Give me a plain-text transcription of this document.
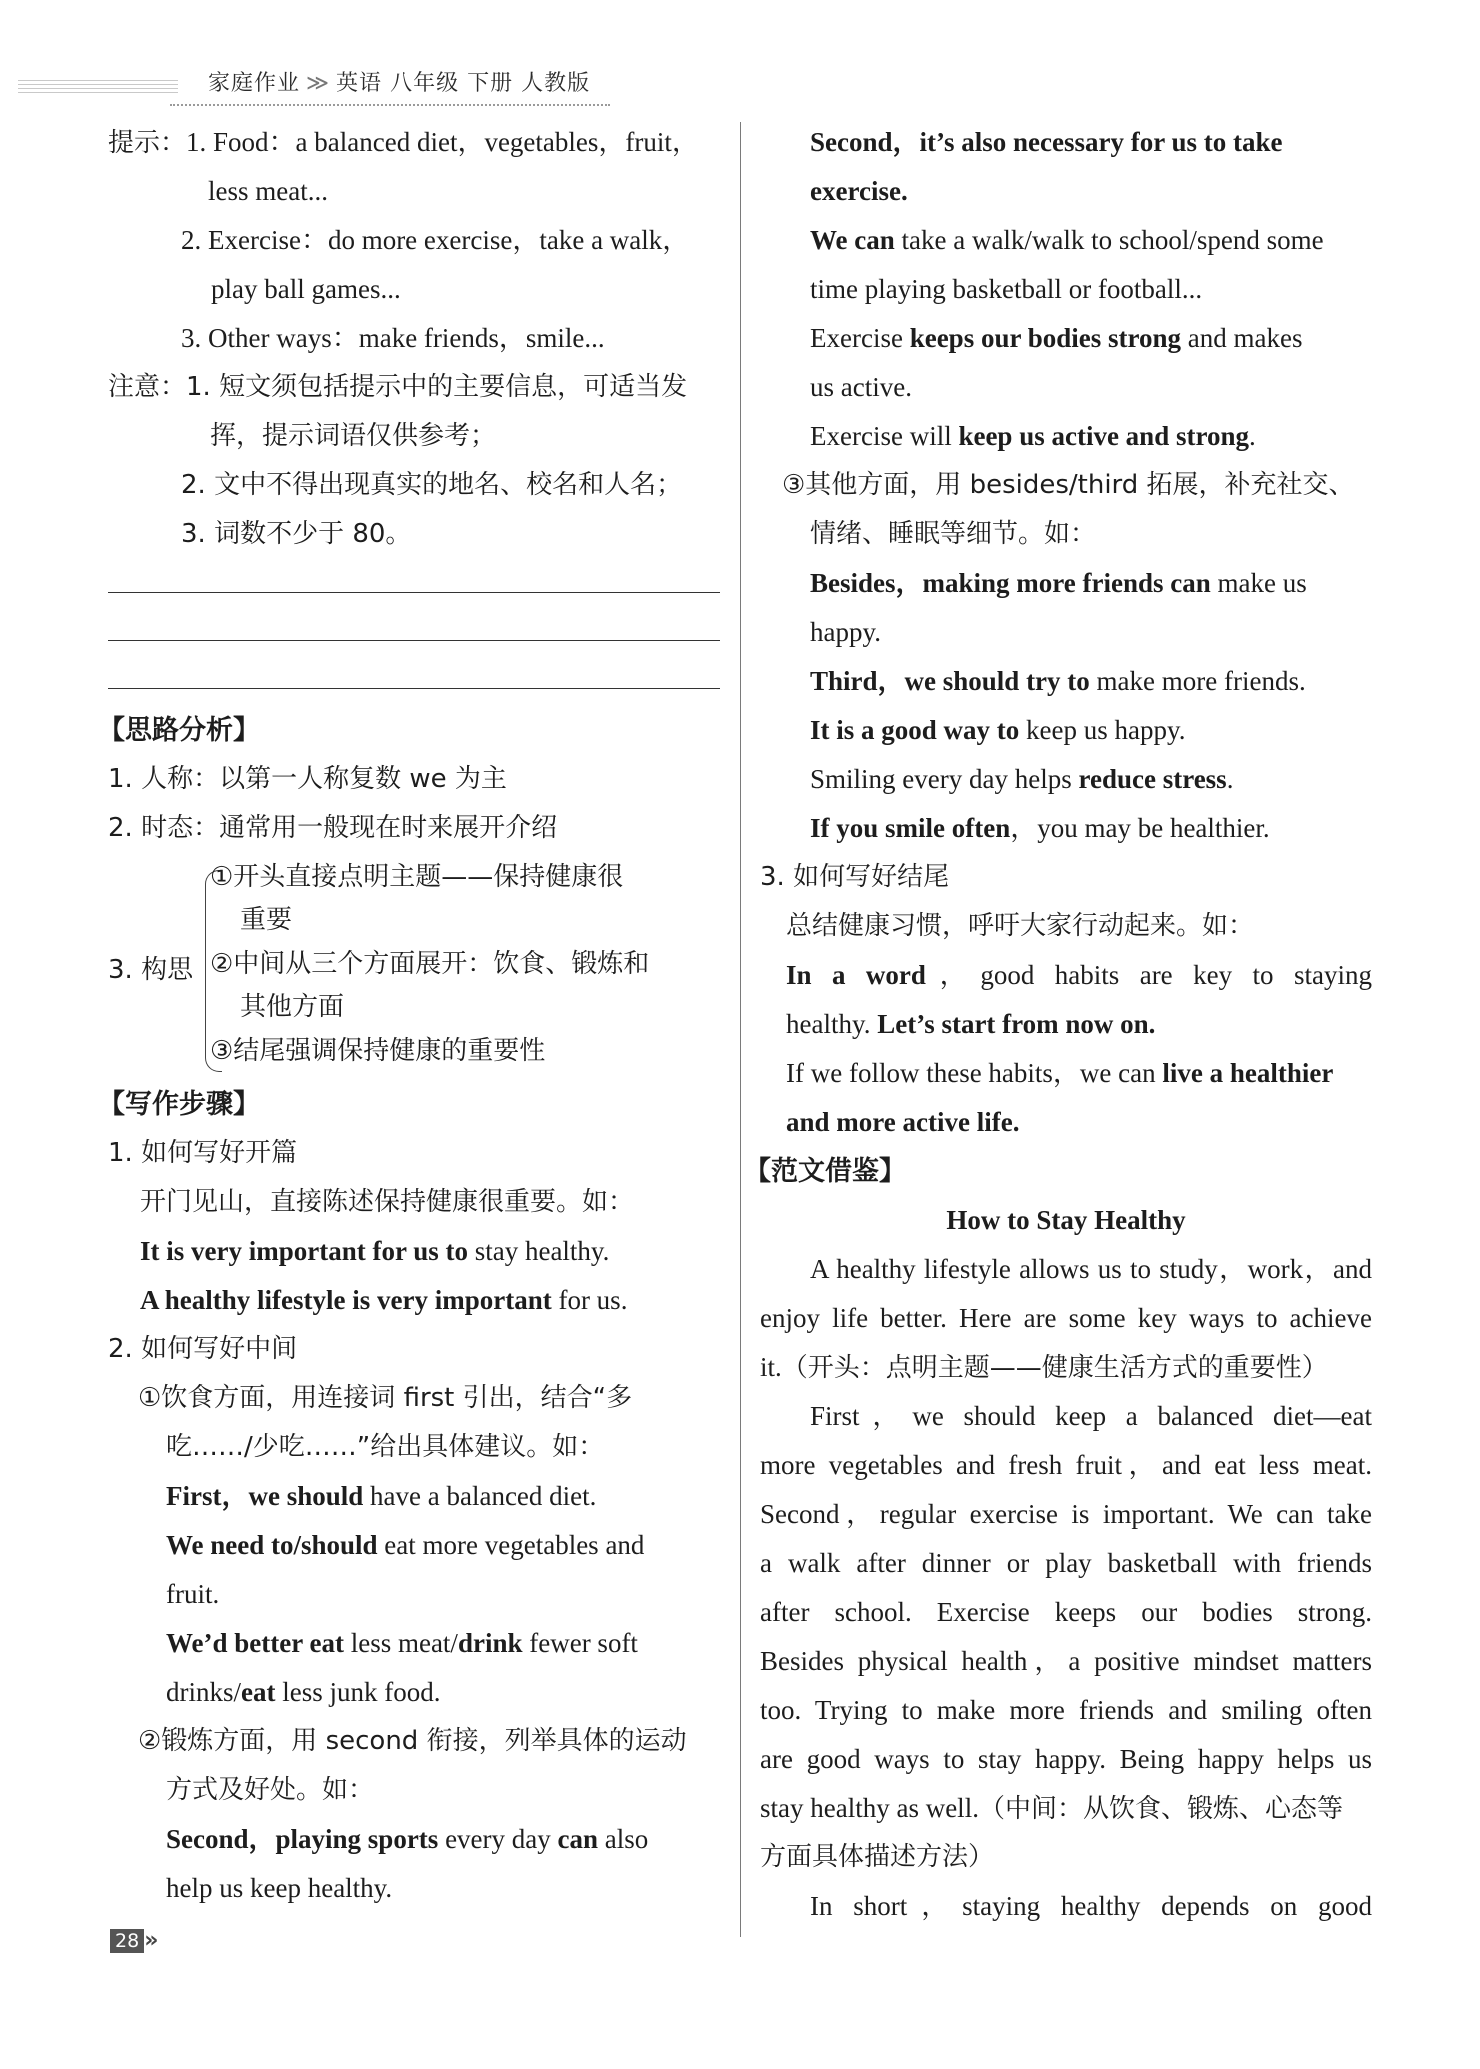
家庭作业 ≫ 英语 八年级 下册 人教版
提示：1. Food：a balanced diet，vegetables，fruit，
less meat...
2. Exercise：do more exercise，take a walk，
play ball games...
3. Other ways：make friends，smile...
注意：1. 短文须包括提示中的主要信息，可适当发
挥，提示词语仅供参考；
2. 文中不得出现真实的地名、校名和人名；
3. 词数不少于 80。
【思路分析】
1. 人称：以第一人称复数 we 为主
2. 时态：通常用一般现在时来展开介绍
3. 构思
①开头直接点明主题——保持健康很
重要
②中间从三个方面展开：饮食、锻炼和
其他方面
③结尾强调保持健康的重要性
【写作步骤】
1. 如何写好开篇
开门见山，直接陈述保持健康很重要。如：
It is very important for us to stay healthy.
A healthy lifestyle is very important for us.
2. 如何写好中间
①饮食方面，用连接词 first 引出，结合“多
吃……/少吃……”给出具体建议。如：
First，we should have a balanced diet.
We need to/should eat more vegetables and
fruit.
We’d better eat less meat/drink fewer soft
drinks/eat less junk food.
②锻炼方面，用 second 衔接，列举具体的运动
方式及好处。如：
Second，playing sports every day can also
help us keep healthy.
Second，it’s also necessary for us to take
exercise.
We can take a walk/walk to school/spend some
time playing basketball or football...
Exercise keeps our bodies strong and makes
us active.
Exercise will keep us active and strong.
③其他方面，用 besides/third 拓展，补充社交、
情绪、睡眠等细节。如：
Besides，making more friends can make us
happy.
Third，we should try to make more friends.
It is a good way to keep us happy.
Smiling every day helps reduce stress.
If you smile often，you may be healthier.
3. 如何写好结尾
总结健康习惯，呼吁大家行动起来。如：
In a word，good habits are key to staying
healthy. Let’s start from now on.
If we follow these habits，we can live a healthier
and more active life.
【范文借鉴】
How to Stay Healthy
A healthy lifestyle allows us to study，work，and
enjoy life better. Here are some key ways to achieve
it.（开头：点明主题——健康生活方式的重要性）
First，we should keep a balanced diet—eat
more vegetables and fresh fruit，and eat less meat.
Second，regular exercise is important. We can take
a walk after dinner or play basketball with friends
after school. Exercise keeps our bodies strong.
Besides physical health，a positive mindset matters
too. Trying to make more friends and smiling often
are good ways to stay happy. Being happy helps us
stay healthy as well.（中间：从饮食、锻炼、心态等
方面具体描述方法）
In short，staying healthy depends on good
28 »
